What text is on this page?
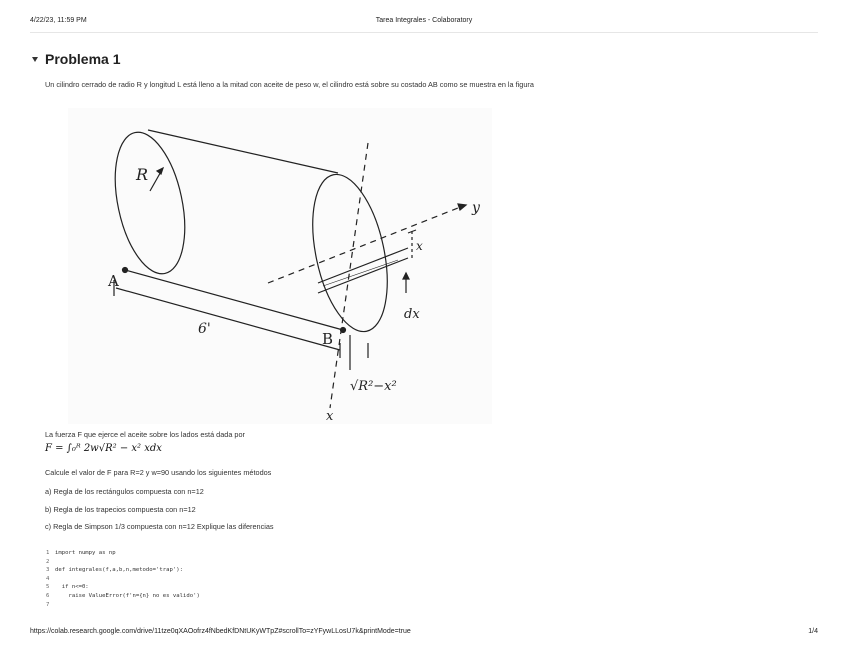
4/22/23, 11:59 PM	Tarea Integrales - Colaboratory
Problema 1
Un cilindro cerrado de radio R y longitud L está lleno a la mitad con aceite de peso w, el cilindro está sobre su costado AB como se muestra en la figura
R
A
B
6'
y
x
x
dx
√R²−x²
La fuerza F que ejerce el aceite sobre los lados está dada por
F = ∫₀ᴿ 2w√R² − x² xdx
Calcule el valor de F para R=2 y w=90 usando los siguientes métodos
a) Regla de los rectángulos compuesta con n=12
b) Regla de los trapecios compuesta con n=12
c) Regla de Simpson 1/3 compuesta con n=12 Explique las diferencias
1 import numpy as np
2
3 def integrales(f,a,b,n,metodo='trap'):
4
5  if n<=0:
6    raise ValueError(f'n={n} no es valido')
7
https://colab.research.google.com/drive/11tze0qXAOofrz4fNbedKfDNtUKyWTpZ#scrollTo=zYFywLLosU7k&printMode=true	1/4
